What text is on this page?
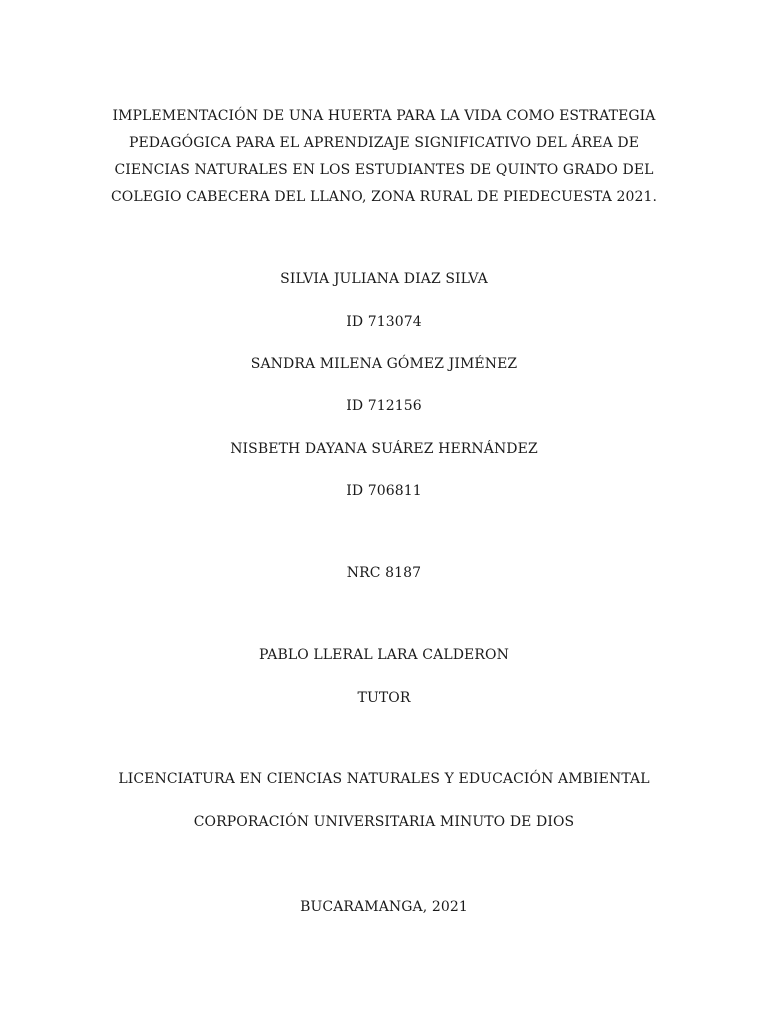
IMPLEMENTACIÓN DE UNA HUERTA PARA LA VIDA COMO ESTRATEGIA
PEDAGÓGICA PARA EL APRENDIZAJE SIGNIFICATIVO DEL ÁREA DE
CIENCIAS NATURALES EN LOS ESTUDIANTES DE QUINTO GRADO DEL
COLEGIO CABECERA DEL LLANO, ZONA RURAL DE PIEDECUESTA 2021.
SILVIA JULIANA DIAZ SILVA
ID 713074
SANDRA MILENA GÓMEZ JIMÉNEZ
ID 712156
NISBETH DAYANA SUÁREZ HERNÁNDEZ
ID 706811
NRC 8187
PABLO LLERAL LARA CALDERON
TUTOR
LICENCIATURA EN CIENCIAS NATURALES Y EDUCACIÓN AMBIENTAL
CORPORACIÓN UNIVERSITARIA MINUTO DE DIOS
BUCARAMANGA, 2021
